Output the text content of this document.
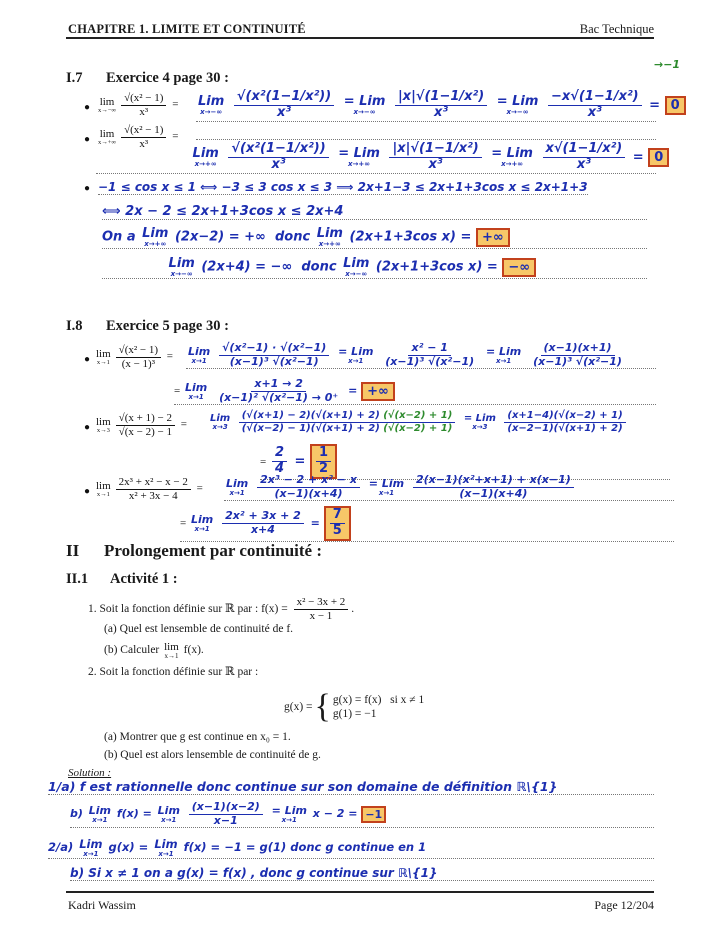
CHAPITRE 1. LIMITE ET CONTINUITÉ	Bac Technique
I.7 Exercice 4 page 30 :
● lim
$x\to-\infty \frac{\text{√(x² − 1)}}{\text{x³}}$ = Lim
x→−∞
$\frac{\text{√(x²(1−1/x²))}}{\text{x³}}$
= Lim
x→−∞
$\frac{\text{|x|√(1−1/x²)}}{\text{x³}}$
= Lim
x→−∞
$\frac{\text{−x√(1−1/x²)}}{\text{x³}} = 0$
→−1
● lim
$x\to+\infty \frac{\text{√(x² − 1)}}{\text{x³}}$ =

Lim
x→+∞
$\frac{\text{√(x²(1−1/x²))}}{\text{x³}}$
= Lim
x→+∞
$\frac{\text{|x|√(1−1/x²)}}{\text{x³}}$
= Lim
x→+∞
$\frac{\text{x√(1−1/x²)}}{\text{x³}} = 0$
● −1 ≤ cos x ≤ 1 ⟺ −3 ≤ 3 cos x ≤ 3 ⟹ 2x+1−3 ≤ 2x+1+3cos x ≤ 2x+1+3
⟺ 2x − 2 ≤ 2x+1+3cos x ≤ 2x+4
On a Lim
x→+∞ (2x−2) = +∞ donc Lim
x→+∞ (2x+1+3cos x) = +∞

Lim
x→−∞ (2x+4) = −∞ donc Lim
x→−∞ (2x+1+3cos x) = −∞
I.8 Exercice 5 page 30 :
● lim
$x\to 1 \frac{\text{√(x² − 1)}}{\text{(x − 1)³}}$ = Lim
x→1
$\frac{\text{√(x²−1) · √(x²−1)}}{\text{(x−1)³ √(x²−1)}}$
= Lim
x→1
$\frac{\text{x² − 1}}{\text{(x−1)³ √(x²−1)}}$
= Lim
x→1
$\frac{(x-1)(x+1)}{\text{(x−1)³ √(x²−1)}}$
= Lim
x→1
$\frac{x+1 \to 2}{\text{(x−1)² √(x²−1) → 0⁺}}$ = +∞
● lim
$x\to 3 \frac{√(x + 1) - 2}{√(x - 2) - 1}$ =
Lim
x→3
$\frac{(√(x+1) - 2)(√(x+1) + 2) (√(x-2) + 1)}{(√(x-2) - 1)(√(x+1) + 2) (√(x-2) + 1)}$
= Lim
x→3
$\frac{(x+1-4)(√(x-2) + 1)}{(x-2-1)(√(x+1) + 2)}$
= $\frac{2}{4} = \frac{1}{2}$
● lim
$x\to 1 \frac{\text{2x³ + x² − x − 2}}{\text{x² + 3x − 4}}$ = Lim
x→1
$\frac{\text{2x³ − 2 + x² − x}}{(x-1)(x+4)}$
= Lim
x→1
$\frac{\text{2(x−1)(x²+x+1) + x(x−1)}}{(x-1)(x+4)}$
= Lim
x→1
$\frac{\text{2x² + 3x + 2}}{x+4} = \frac{7}{5}$
II Prolongement par continuité :
II.1 Activité 1 :
1. Soit la fonction définie sur ℝ par : $f(x) = \frac{\text{x² − 3x + 2}}{x - 1}$ .
(a) Quel est lensemble de continuité de f.
(b) Calculer lim
x→1 f(x).
2. Soit la fonction définie sur ℝ par :
g(x) = { g(x) = f(x) si x ≠ 1
g(1) = −1
(a) Montrer que g est continue en x₀ = 1.
(b) Quel est alors lensemble de continuité de g.
Solution :
1/a) f est rationnelle donc continue sur son domaine de définition ℝ\{1}
b) Lim
x→1 f(x) = Lim
x→1
$\frac{(x-1)(x-2)}{x-1}$
= Lim
x→1 x − 2 = −1
2/a) Lim
x→1 g(x) = Lim
x→1 f(x) = −1 = g(1) donc g continue en 1
b) Si x ≠ 1 on a g(x) = f(x) , donc g continue sur ℝ\{1}
Kadri Wassim	Page 12/204
